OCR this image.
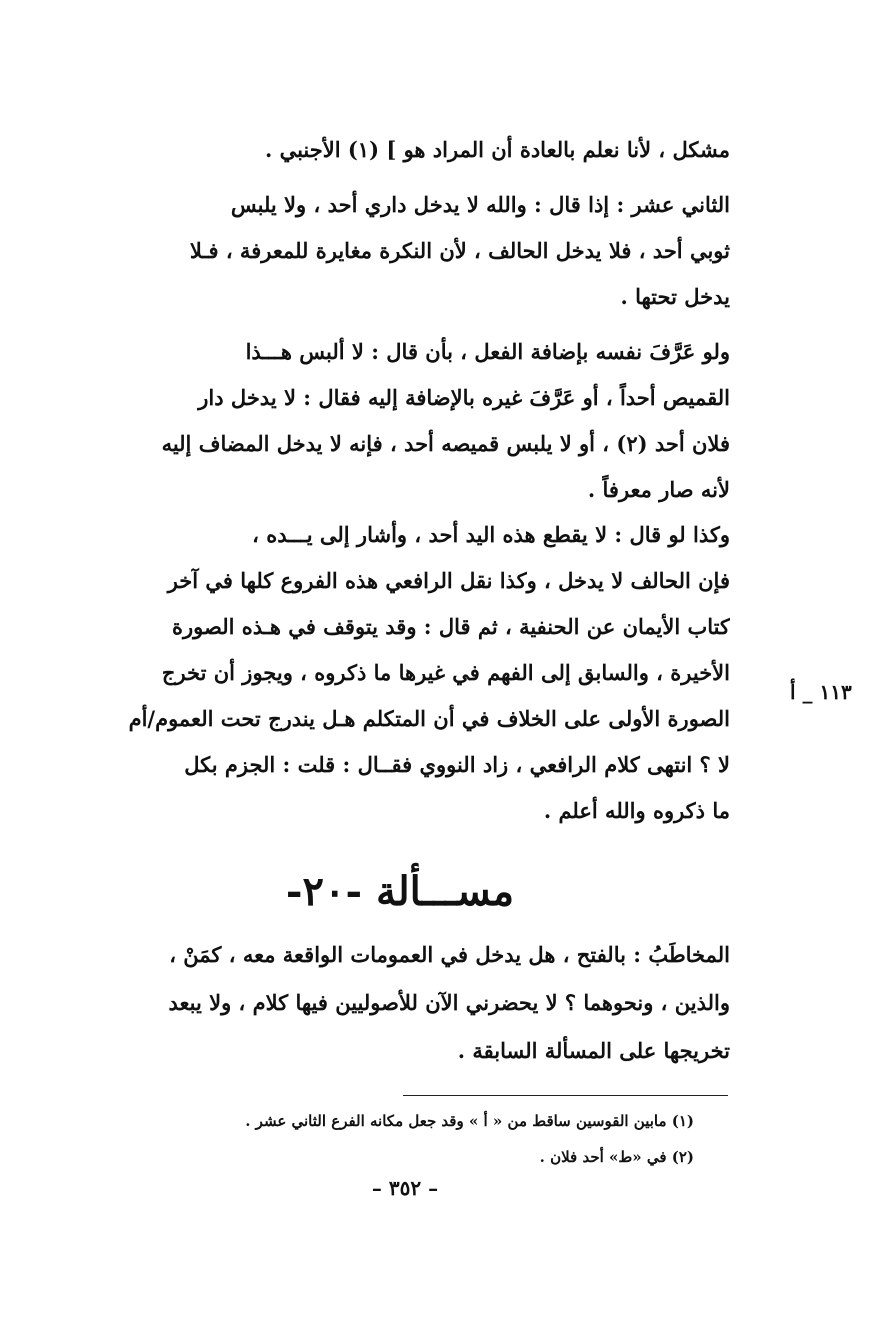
مشكل ، لأنا نعلم بالعادة أن المراد هو ] (١) الأجنبي .
الثاني عشر : إذا قال : والله لا يدخل داري أحد ، ولا يلبس
ثوبي أحد ، فلا يدخل الحالف ، لأن النكرة مغايرة للمعرفة ، فـلا
يدخل تحتها .
ولو عَرَّفَ نفسه بإضافة الفعل ، بأن قال : لا ألبس هـــذا
القميص أحداً ، أو عَرَّفَ غيره بالإضافة إليه فقال : لا يدخل دار
فلان أحد (٢) ، أو لا يلبس قميصه أحد ، فإنه لا يدخل المضاف إليه
لأنه صار معرفاً .
وكذا لو قال : لا يقطع هذه اليد أحد ، وأشار إلى يـــده ،
فإن الحالف لا يدخل ، وكذا نقل الرافعي هذه الفروع كلها في آخر
كتاب الأيمان عن الحنفية ، ثم قال : وقد يتوقف في هـذه الصورة
الأخيرة ، والسابق إلى الفهم في غيرها ما ذكروه ، ويجوز أن تخرج
الصورة الأولى على الخلاف في أن المتكلم هـل يندرج تحت العموم/أم
لا ؟ انتهى كلام الرافعي ، زاد النووي فقــال : قلت : الجزم بكل
ما ذكروه والله أعلم .
١١٣ _ أ
مســـألة -٢٠-
المخاطَبُ : بالفتح ، هل يدخل في العمومات الواقعة معه ، كمَنْ ،
والذين ، ونحوهما ؟ لا يحضرني الآن للأصوليين فيها كلام ، ولا يبعد
تخريجها على المسألة السابقة .
(١) مابين القوسين ساقط من « أ » وقد جعل مكانه الفرع الثاني عشر .
(٢) في «ط» أحد فلان .
– ٣٥٢ –
